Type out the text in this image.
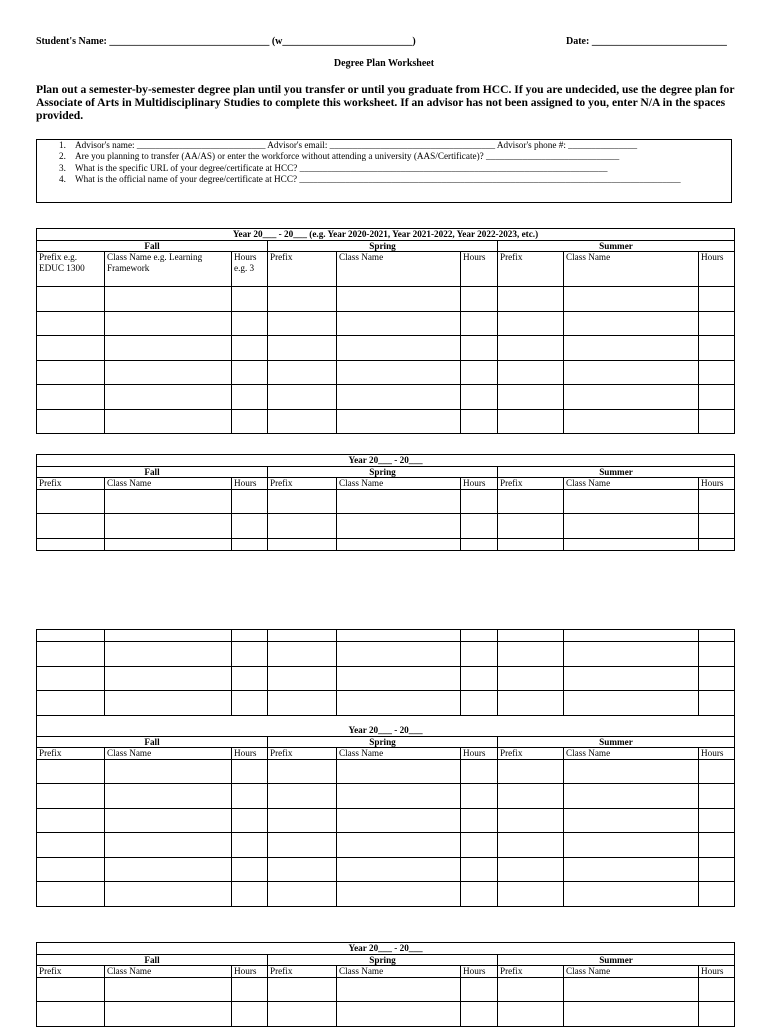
Student's Name: ________________________________ (w__________________________)	Date: ___________________________
Degree Plan Worksheet
Plan out a semester-by-semester degree plan until you transfer or until you graduate from HCC. If you are undecided, use the degree plan for Associate of Arts in Multidisciplinary Studies to complete this worksheet. If an advisor has not been assigned to you, enter N/A in the spaces provided.
1. Advisor's name: ____________________________ Advisor's email: ____________________________________ Advisor's phone #: _______________
2. Are you planning to transfer (AA/AS) or enter the workforce without attending a university (AAS/Certificate)? _____________________________
3. What is the specific URL of your degree/certificate at HCC? ___________________________________________________________________
4. What is the official name of your degree/certificate at HCC? ___________________________________________________________________________________
Year 20___ - 20___ (e.g. Year 2020-2021, Year 2021-2022, Year 2022-2023, etc.)								
Fall			Spring			Summer		
Prefix e.g. EDUC 1300	Class Name e.g. Learning Framework	Hours e.g. 3	Prefix	Class Name	Hours	Prefix	Class Name	Hours

Year 20___ - 20___								
Fall			Spring			Summer		
Prefix	Class Name	Hours	Prefix	Class Name	Hours	Prefix	Class Name	Hours

Year 20___ - 20___								
Fall			Spring			Summer		
Prefix	Class Name	Hours	Prefix	Class Name	Hours	Prefix	Class Name	Hours

Year 20___ - 20___								
Fall			Spring			Summer		
Prefix	Class Name	Hours	Prefix	Class Name	Hours	Prefix	Class Name	Hours
